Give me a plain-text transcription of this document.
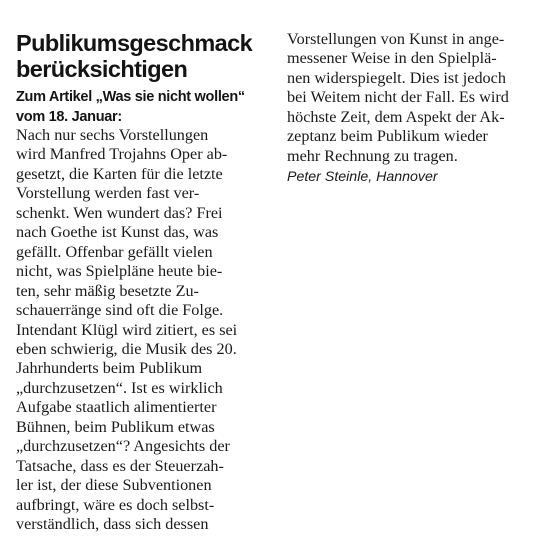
Publikumsgeschmack
berücksichtigen

Zum Artikel „Was sie nicht wollen“
vom 18. Januar:

Nach nur sechs Vorstellungen
wird Manfred Trojahns Oper ab-
gesetzt, die Karten für die letzte
Vorstellung werden fast ver-
schenkt. Wen wundert das? Frei
nach Goethe ist Kunst das, was
gefällt. Offenbar gefällt vielen
nicht, was Spielpläne heute bie-
ten, sehr mäßig besetzte Zu-
schauerränge sind oft die Folge.
Intendant Klügl wird zitiert, es sei
eben schwierig, die Musik des 20.
Jahrhunderts beim Publikum
„durchzusetzen“. Ist es wirklich
Aufgabe staatlich alimentierter
Bühnen, beim Publikum etwas
„durchzusetzen“? Angesichts der
Tatsache, dass es der Steuerzah-
ler ist, der diese Subventionen
aufbringt, wäre es doch selbst-
verständlich, dass sich dessen
Vorstellungen von Kunst in ange-
messener Weise in den Spielplä-
nen widerspiegelt. Dies ist jedoch
bei Weitem nicht der Fall. Es wird
höchste Zeit, dem Aspekt der Ak-
zeptanz beim Publikum wieder
mehr Rechnung zu tragen.

Peter Steinle, Hannover
